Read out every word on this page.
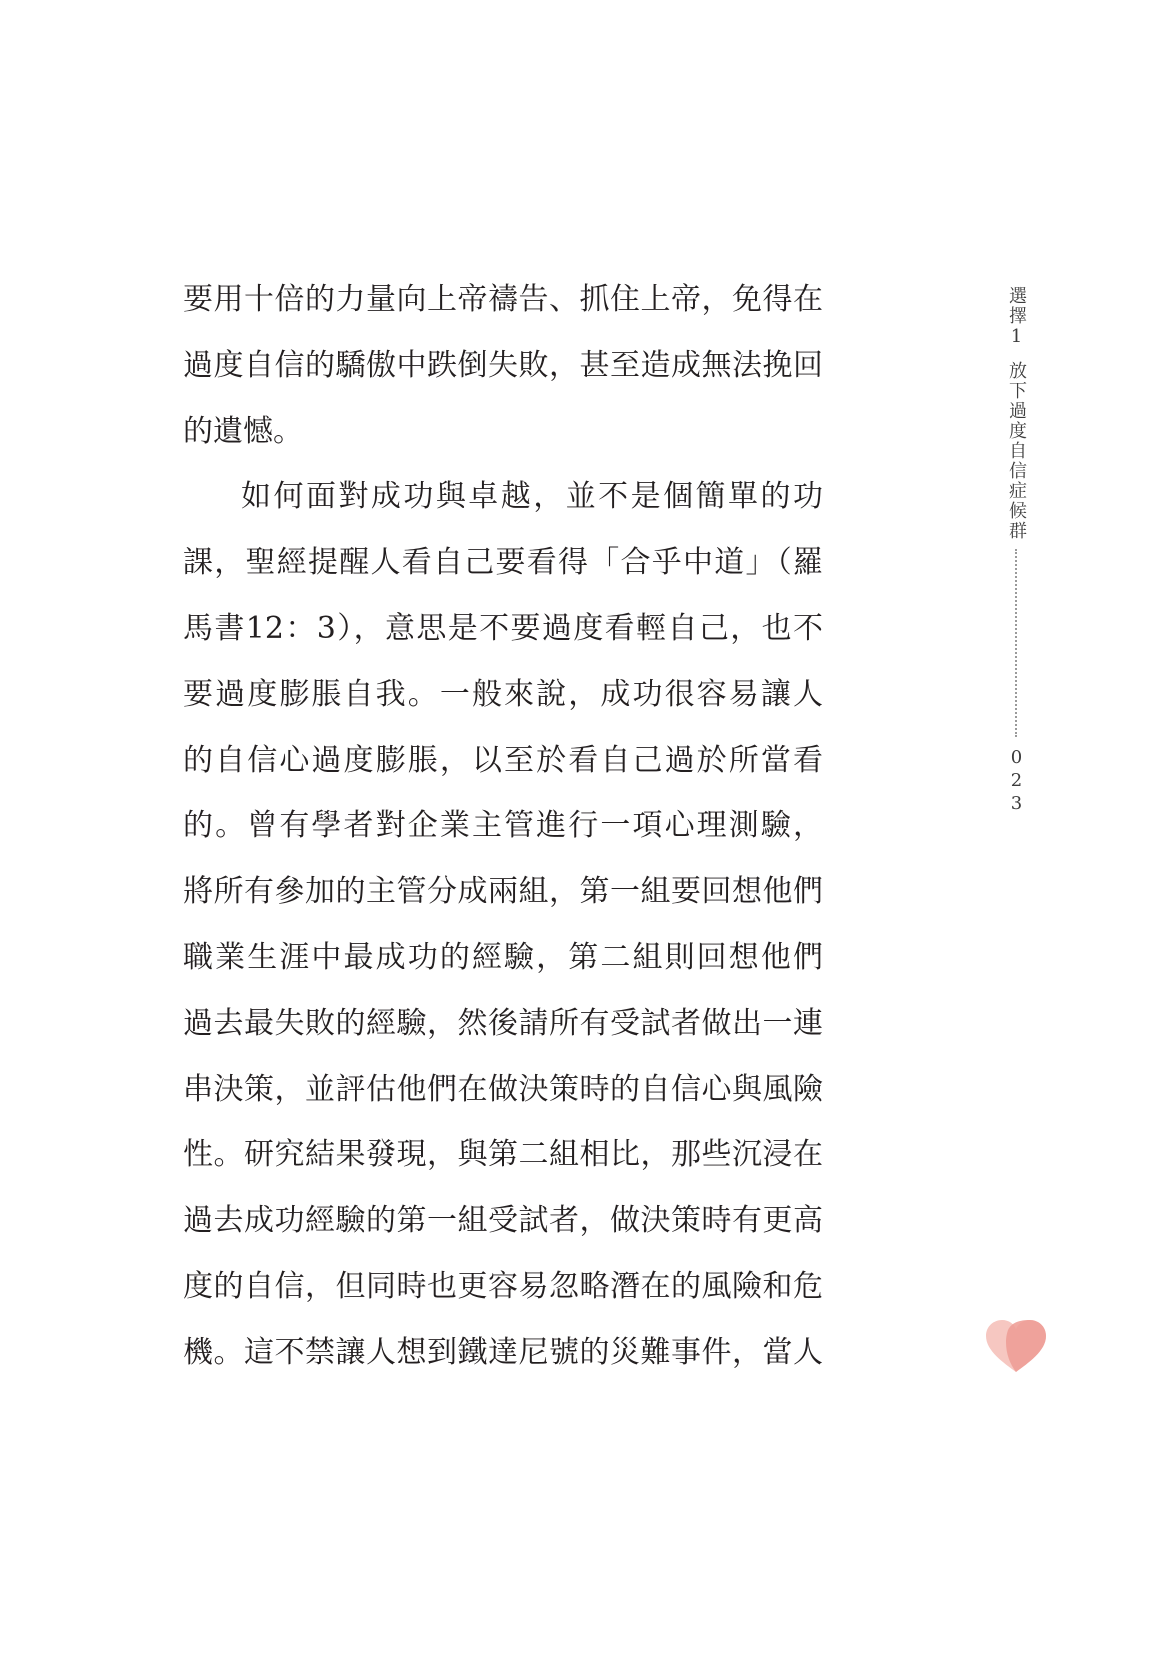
要用十倍的力量向上帝禱告、抓住上帝，免得在
過度自信的驕傲中跌倒失敗，甚至造成無法挽回
的遺憾。
如何面對成功與卓越，並不是個簡單的功
課，聖經提醒人看自己要看得「合乎中道」（羅
馬書12：3），意思是不要過度看輕自己，也不
要過度膨脹自我。一般來說，成功很容易讓人
的自信心過度膨脹，以至於看自己過於所當看
的。曾有學者對企業主管進行一項心理測驗，
將所有參加的主管分成兩組，第一組要回想他們
職業生涯中最成功的經驗，第二組則回想他們
過去最失敗的經驗，然後請所有受試者做出一連
串決策，並評估他們在做決策時的自信心與風險
性。研究結果發現，與第二組相比，那些沉浸在
過去成功經驗的第一組受試者，做決策時有更高
度的自信，但同時也更容易忽略潛在的風險和危
機。這不禁讓人想到鐵達尼號的災難事件，當人
選擇1
放下過度自信症候群
023
